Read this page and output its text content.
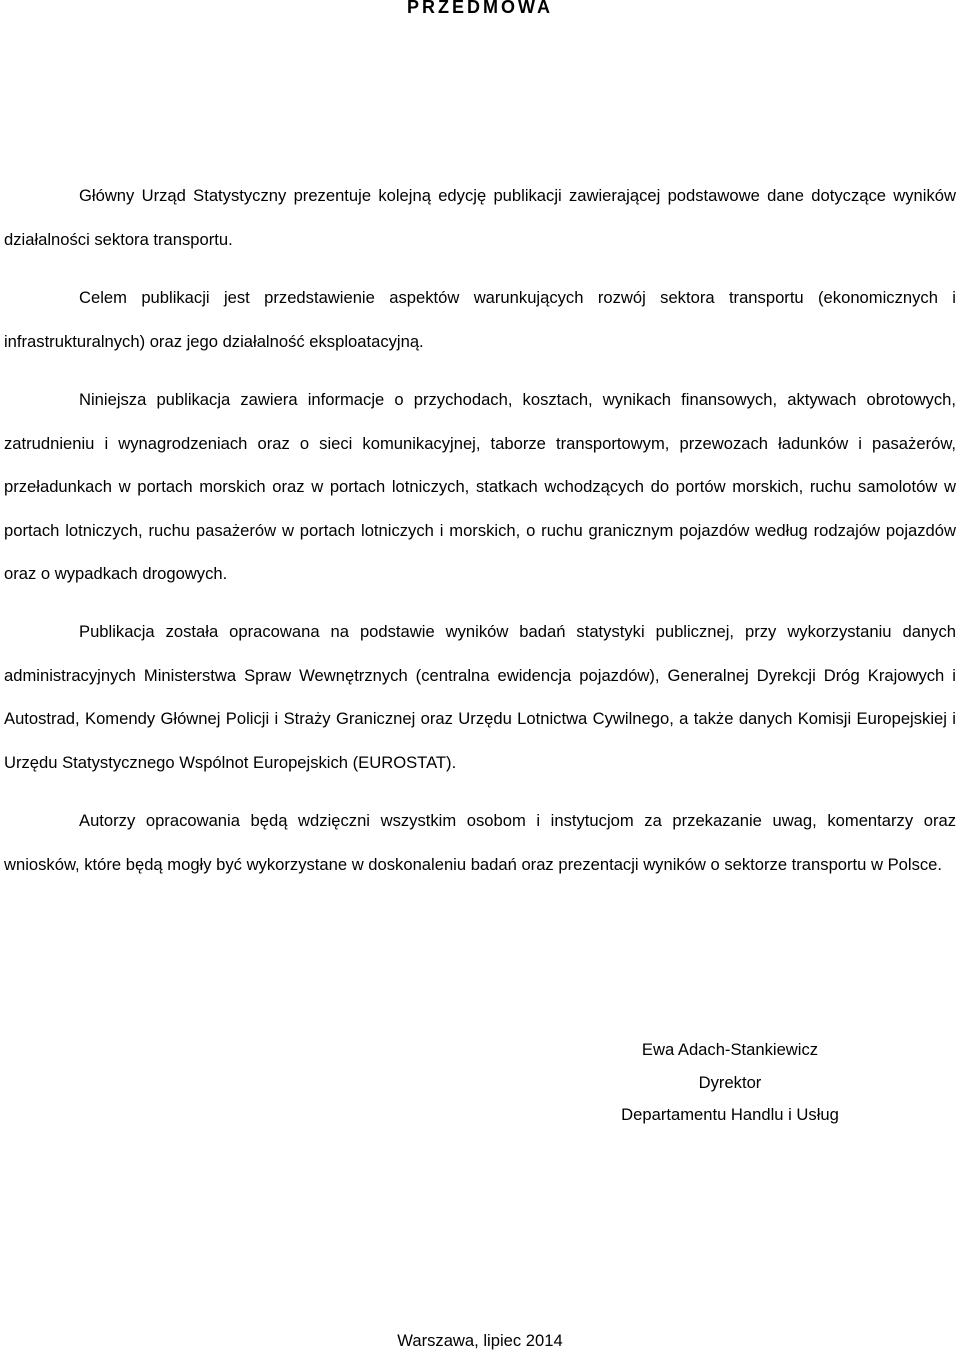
PRZEDMOWA

Główny Urząd Statystyczny prezentuje kolejną edycję publikacji zawierającej podstawowe dane dotyczące wyników działalności sektora transportu.

Celem publikacji jest przedstawienie aspektów warunkujących rozwój sektora transportu (ekonomicznych i infrastrukturalnych) oraz jego działalność eksploatacyjną.

Niniejsza publikacja zawiera informacje o przychodach, kosztach, wynikach finansowych, aktywach obrotowych, zatrudnieniu i wynagrodzeniach oraz o sieci komunikacyjnej, taborze transportowym, przewozach ładunków i pasażerów, przeładunkach w portach morskich oraz w portach lotniczych, statkach wchodzących do portów morskich, ruchu samolotów w portach lotniczych, ruchu pasażerów w portach lotniczych i morskich, o ruchu granicznym pojazdów według rodzajów pojazdów oraz o wypadkach drogowych.

Publikacja została opracowana na podstawie wyników badań statystyki publicznej, przy wykorzystaniu danych administracyjnych Ministerstwa Spraw Wewnętrznych (centralna ewidencja pojazdów), Generalnej Dyrekcji Dróg Krajowych i Autostrad, Komendy Głównej Policji i Straży Granicznej oraz Urzędu Lotnictwa Cywilnego, a także danych Komisji Europejskiej i Urzędu Statystycznego Wspólnot Europejskich (EUROSTAT).

Autorzy opracowania będą wdzięczni wszystkim osobom i instytucjom za przekazanie uwag, komentarzy oraz wniosków, które będą mogły być wykorzystane w doskonaleniu badań oraz prezentacji wyników o sektorze transportu w Polsce.

Ewa Adach-Stankiewicz
Dyrektor
Departamentu Handlu i Usług
Warszawa, lipiec 2014
